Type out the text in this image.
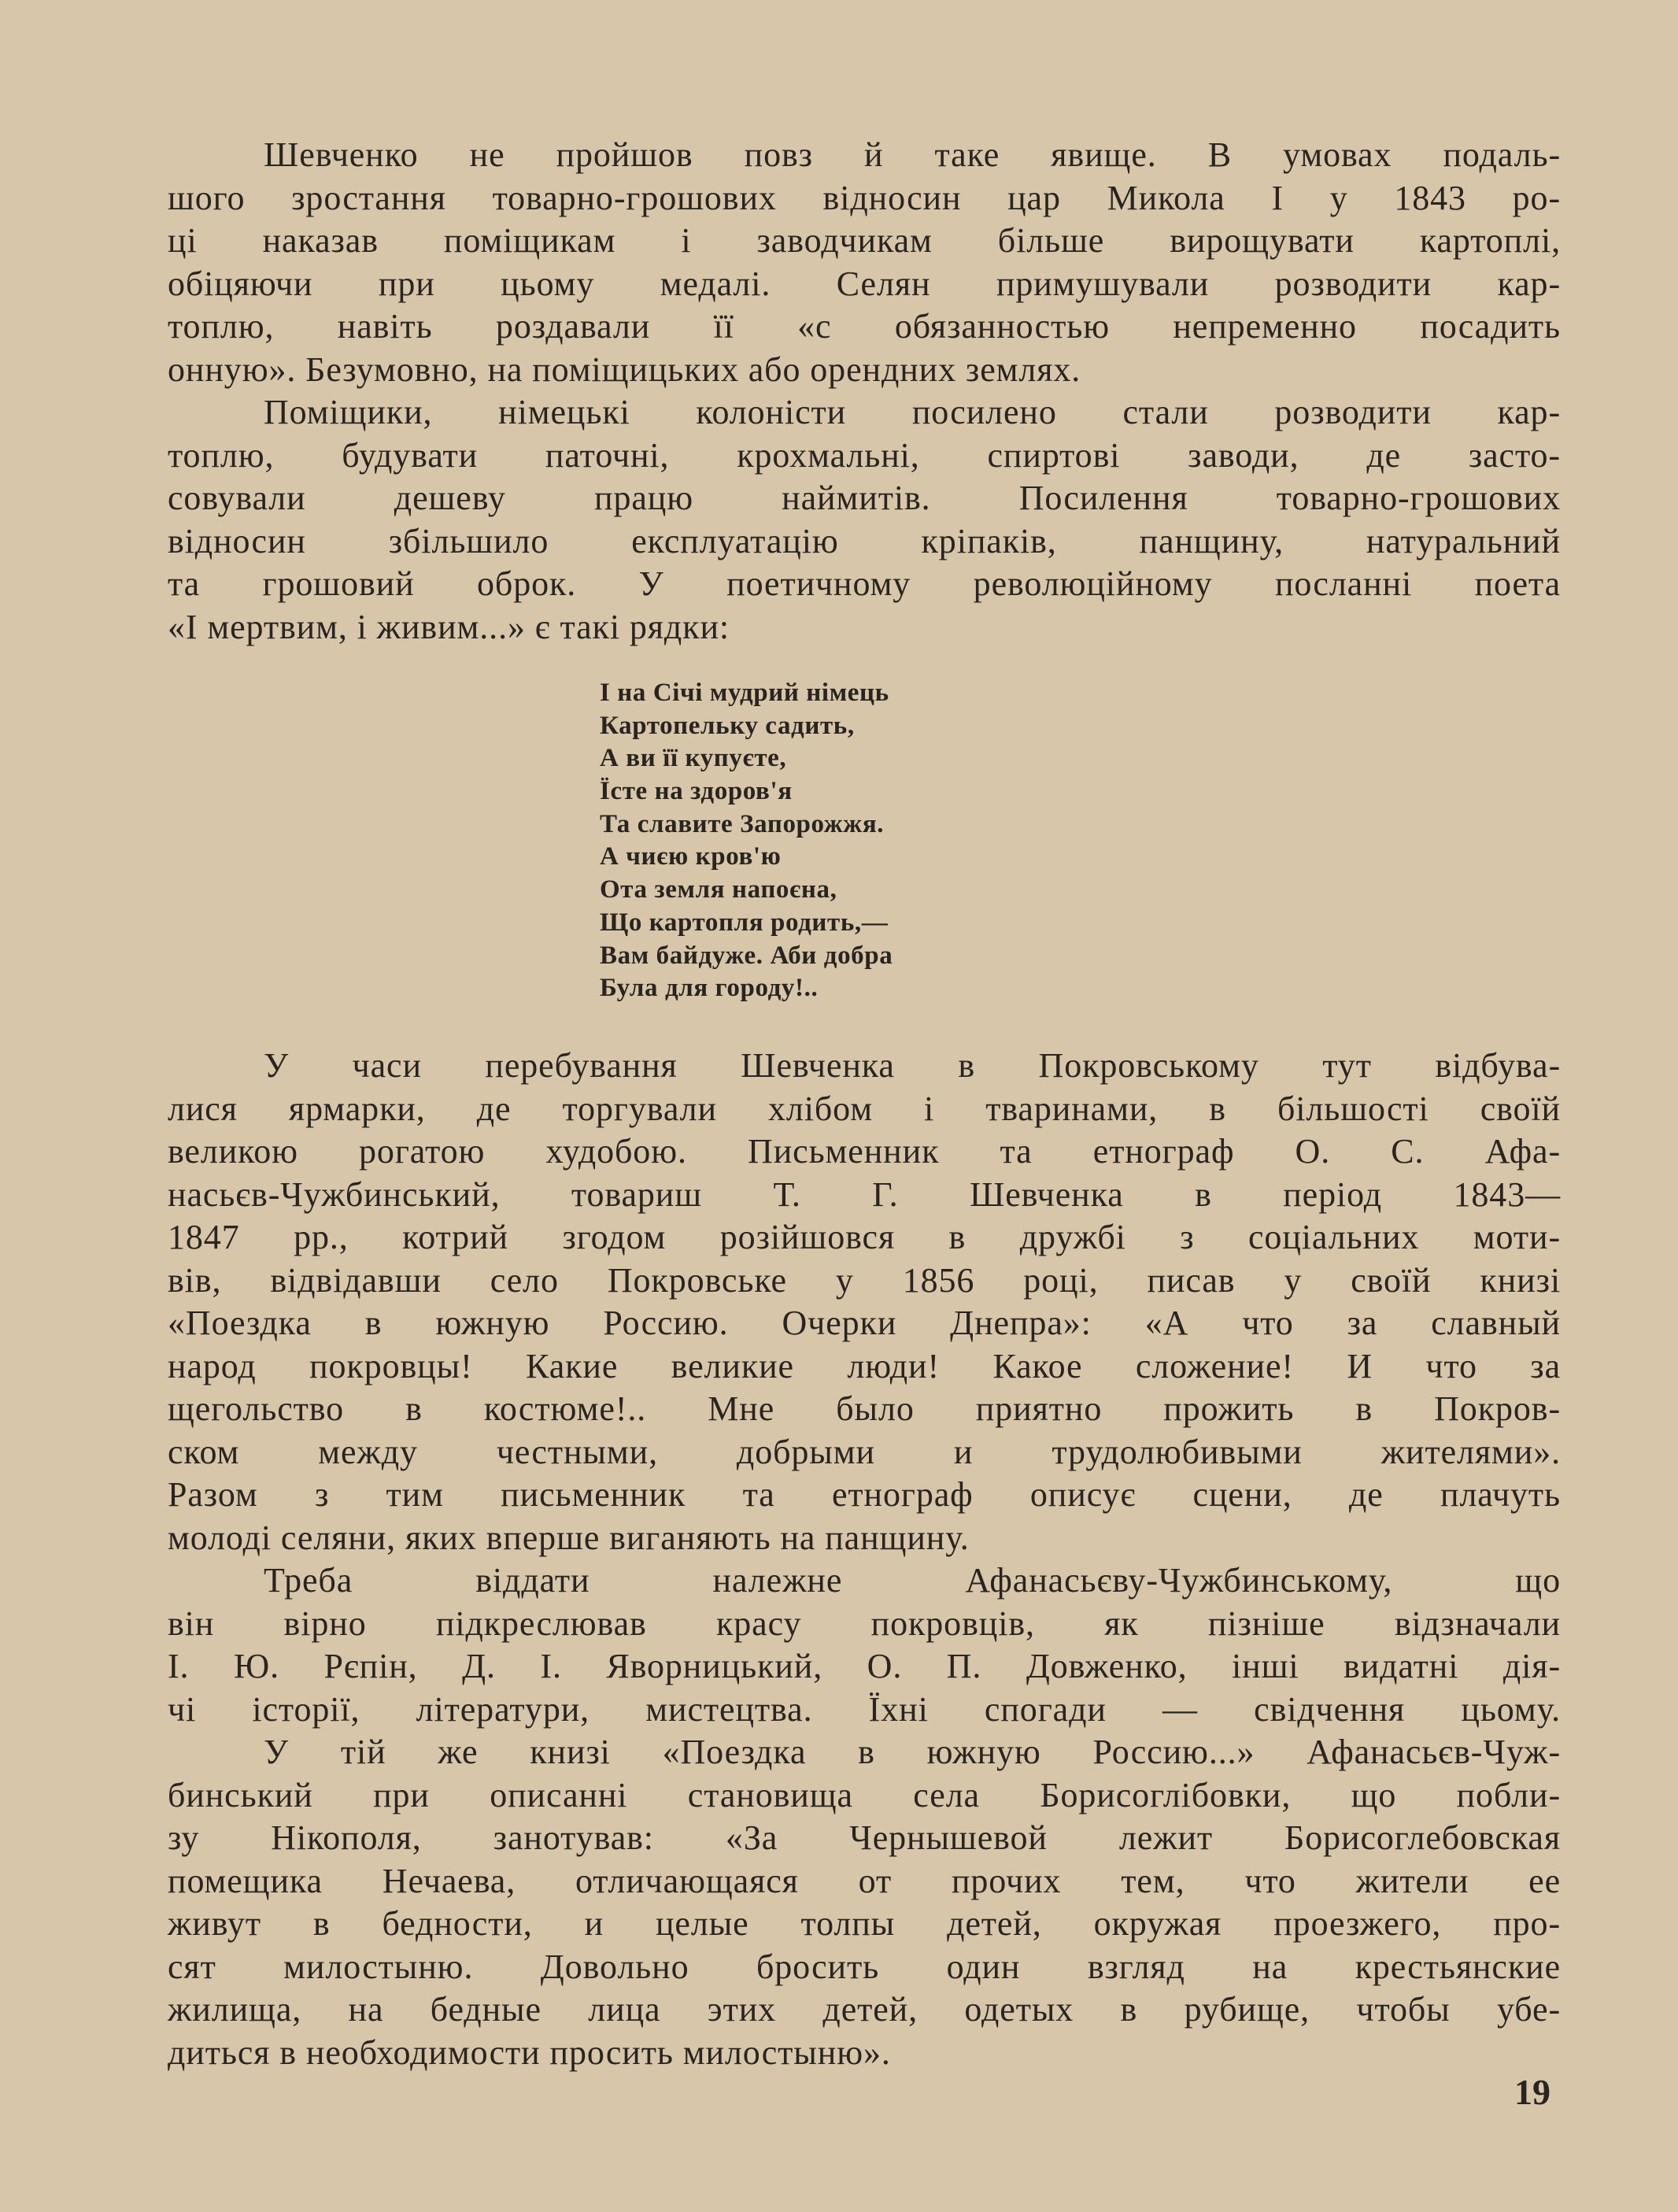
Шевченко не пройшов повз й таке явище. В умовах подаль-
шого зростання товарно-грошових відносин цар Микола I у 1843 ро-
ці наказав поміщикам і заводчикам більше вирощувати картоплі,
обіцяючи при цьому медалі. Селян примушували розводити кар-
топлю, навіть роздавали її «с обязанностью непременно посадить
онную». Безумовно, на поміщицьких або орендних землях.
Поміщики, німецькі колоністи посилено стали розводити кар-
топлю, будувати паточні, крохмальні, спиртові заводи, де засто-
совували дешеву працю наймитів. Посилення товарно-грошових
відносин збільшило експлуатацію кріпаків, панщину, натуральний
та грошовий оброк. У поетичному революційному посланні поета
«І мертвим, і живим...» є такі рядки:
І на Січі мудрий німець
Картопельку садить,
А ви її купуєте,
Їсте на здоров'я
Та славите Запорожжя.
А чиєю кров'ю
Ота земля напоєна,
Що картопля родить,—
Вам байдуже. Аби добра
Була для городу!..
У часи перебування Шевченка в Покровському тут відбува-
лися ярмарки, де торгували хлібом і тваринами, в більшості своїй
великою рогатою худобою. Письменник та етнограф О. С. Афа-
насьєв-Чужбинський, товариш Т. Г. Шевченка в період 1843—
1847 рр., котрий згодом розійшовся в дружбі з соціальних моти-
вів, відвідавши село Покровське у 1856 році, писав у своїй книзі
«Поездка в южную Россию. Очерки Днепра»: «А что за славный
народ покровцы! Какие великие люди! Какое сложение! И что за
щегольство в костюме!.. Мне было приятно прожить в Покров-
ском между честными, добрыми и трудолюбивыми жителями».
Разом з тим письменник та етнограф описує сцени, де плачуть
молоді селяни, яких вперше виганяють на панщину.
Треба віддати належне Афанасьєву-Чужбинському, що
він вірно підкреслював красу покровців, як пізніше відзначали
І. Ю. Рєпін, Д. І. Яворницький, О. П. Довженко, інші видатні дія-
чі історії, літератури, мистецтва. Їхні спогади — свідчення цьому.
У тій же книзі «Поездка в южную Россию...» Афанасьєв-Чуж-
бинський при описанні становища села Борисоглібовки, що побли-
зу Нікополя, занотував: «За Чернышевой лежит Борисоглебовская
помещика Нечаева, отличающаяся от прочих тем, что жители ее
живут в бедности, и целые толпы детей, окружая проезжего, про-
сят милостыню. Довольно бросить один взгляд на крестьянские
жилища, на бедные лица этих детей, одетых в рубище, чтобы убе-
диться в необходимости просить милостыню».
19
